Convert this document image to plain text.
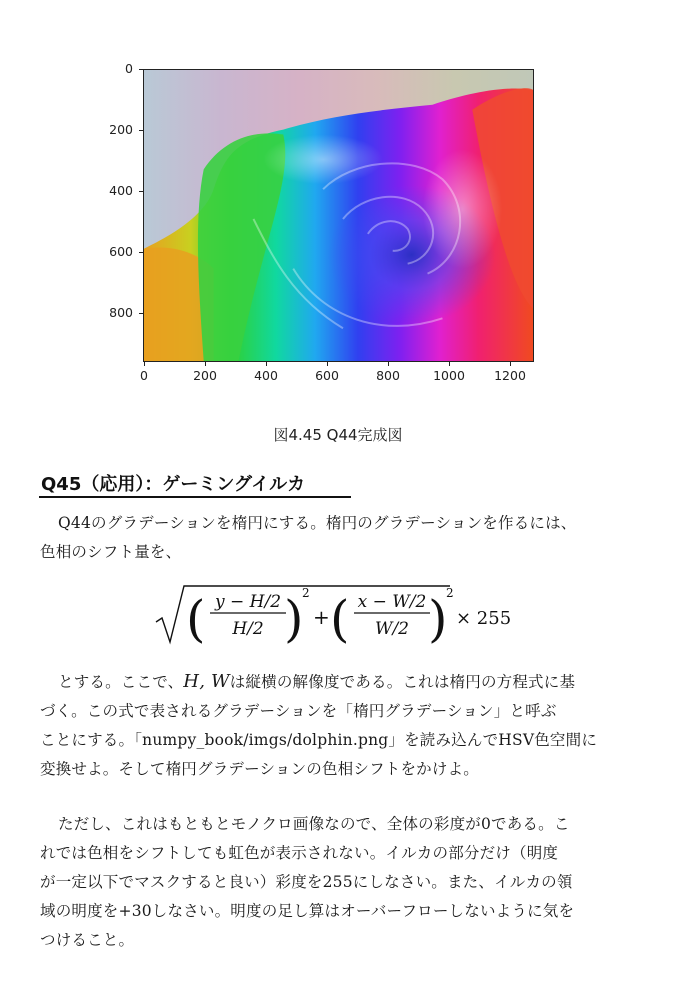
0
200
400
600
800
0	200	400	600	800	1000 1200
図4.45 Q44完成図
Q45（応用）：ゲーミングイルカ
Q44のグラデーションを楕円にする。楕円のグラデーションを作るには、
色相のシフト量を、
( y − H/2
H/2 )
2
+ ( x − W/2
W/2 )
2
× 255
とする。ここで、H, Wは縦横の解像度である。これは楕円の方程式に基
づく。この式で表されるグラデーションを「楕円グラデーション」と呼ぶ
ことにする。「numpy_book/imgs/dolphin.png」を読み込んでHSV色空間に
変換せよ。そして楕円グラデーションの色相シフトをかけよ。
ただし、これはもともとモノクロ画像なので、全体の彩度が0である。こ
れでは色相をシフトしても虹色が表示されない。イルカの部分だけ（明度
が一定以下でマスクすると良い）彩度を255にしなさい。また、イルカの領
域の明度を+30しなさい。明度の足し算はオーバーフローしないように気を
つけること。
